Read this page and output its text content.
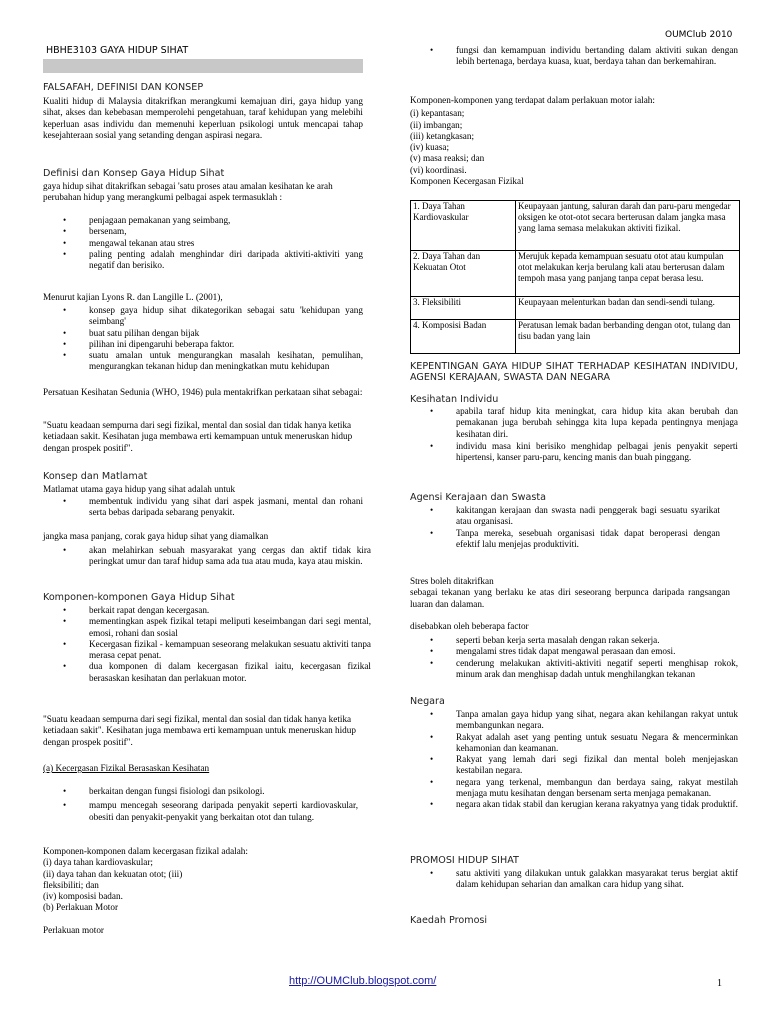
OUMClub 2010
HBHE3103 GAYA HIDUP SIHAT
FALSAFAH, DEFINISI DAN KONSEP

Kualiti hidup di Malaysia ditakrifkan merangkumi kemajuan diri, gaya hidup yang sihat, akses dan kebebasan memperolehi pengetahuan, taraf kehidupan yang melebihi keperluan asas individu dan memenuhi keperluan psikologi untuk mencapai tahap kesejahteraan sosial yang setanding dengan aspirasi negara.

Definisi dan Konsep Gaya Hidup Sihat

gaya hidup sihat ditakrifkan sebagai 'satu proses atau amalan kesihatan ke arah perubahan hidup yang merangkumi pelbagai aspek termasuklah :

• penjagaan pemakanan yang seimbang,
• bersenam,
• mengawal tekanan atau stres
• paling penting adalah menghindar diri daripada aktiviti-aktiviti yang negatif dan berisiko.

Menurut kajian Lyons R. dan Langille L. (2001),

• konsep gaya hidup sihat dikategorikan sebagai satu 'kehidupan yang seimbang'
• buat satu pilihan dengan bijak
• pilihan ini dipengaruhi beberapa faktor.
• suatu amalan untuk mengurangkan masalah kesihatan, pemulihan, mengurangkan tekanan hidup dan meningkatkan mutu kehidupan

Persatuan Kesihatan Sedunia (WHO, 1946) pula mentakrifkan perkataan sihat sebagai:

"Suatu keadaan sempurna dari segi fizikal, mental dan sosial dan tidak hanya ketika ketiadaan sakit. Kesihatan juga membawa erti kemampuan untuk meneruskan hidup dengan prospek positif".

Konsep dan Matlamat

Matlamat utama gaya hidup yang sihat adalah untuk

• membentuk individu yang sihat dari aspek jasmani, mental dan rohani serta bebas daripada sebarang penyakit.

jangka masa panjang, corak gaya hidup sihat yang diamalkan

• akan melahirkan sebuah masyarakat yang cergas dan aktif tidak kira peringkat umur dan taraf hidup sama ada tua atau muda, kaya atau miskin.
Komponen-komponen Gaya Hidup Sihat
• berkait rapat dengan kecergasan.
• mementingkan aspek fizikal tetapi meliputi keseimbangan dari segi mental, emosi, rohani dan sosial
• Kecergasan fizikal - kemampuan seseorang melakukan sesuatu aktiviti tanpa merasa cepat penat.
• dua komponen di dalam kecergasan fizikal iaitu, kecergasan fizikal berasaskan kesihatan dan perlakuan motor.

"Suatu keadaan sempurna dari segi fizikal, mental dan sosial dan tidak hanya ketika ketiadaan sakit". Kesihatan juga membawa erti kemampuan untuk meneruskan hidup dengan prospek positif".

(a) Kecergasan Fizikal Berasaskan Kesihatan

• berkaitan dengan fungsi fisiologi dan psikologi.
• mampu mencegah seseorang daripada penyakit seperti kardiovaskular, obesiti dan penyakit-penyakit yang berkaitan otot dan tulang.

Komponen-komponen dalam kecergasan fizikal adalah:

(i) daya tahan kardiovaskular;

(ii) daya tahan dan kekuatan otot; (iii)

fleksibiliti; dan

(iv) komposisi badan.

(b) Perlakuan Motor

Perlakuan motor

• fungsi dan kemampuan individu bertanding dalam aktiviti sukan dengan lebih bertenaga, berdaya kuasa, kuat, berdaya tahan dan berkemahiran.

Komponen-komponen yang terdapat dalam perlakuan motor ialah:

(i) kepantasan;

(ii) imbangan;

(iii) ketangkasan;

(iv) kuasa;

(v) masa reaksi; dan

(vi) koordinasi.

Komponen Kecergasan Fizikal

1. Daya Tahan Kardiovaskular	Keupayaan jantung, saluran darah dan paru-paru mengedar oksigen ke otot-otot secara berterusan dalam jangka masa yang lama semasa melakukan aktiviti fizikal.
2. Daya Tahan dan Kekuatan Otot	Merujuk kepada kemampuan sesuatu otot atau kumpulan otot melakukan kerja berulang kali atau berterusan dalam tempoh masa yang panjang tanpa cepat berasa lesu.
3. Fleksibiliti	Keupayaan melenturkan badan dan sendi-sendi tulang.
4. Komposisi Badan	Peratusan lemak badan berbanding dengan otot, tulang dan tisu badan yang lain

KEPENTINGAN GAYA HIDUP SIHAT TERHADAP KESIHATAN INDIVIDU, AGENSI KERAJAAN, SWASTA DAN NEGARA

Kesihatan Individu
• apabila taraf hidup kita meningkat, cara hidup kita akan berubah dan pemakanan juga berubah sehingga kita lupa kepada pentingnya menjaga kesihatan diri.
• individu masa kini berisiko menghidap pelbagai jenis penyakit seperti hipertensi, kanser paru-paru, kencing manis dan buah pinggang.
Agensi Kerajaan dan Swasta
• kakitangan kerajaan dan swasta nadi penggerak bagi sesuatu syarikat atau organisasi.
• Tanpa mereka, sesebuah organisasi tidak dapat beroperasi dengan efektif lalu menjejas produktiviti.

Stres boleh ditakrifkan

sebagai tekanan yang berlaku ke atas diri seseorang berpunca daripada rangsangan luaran dan dalaman.

disebabkan oleh beberapa factor

• seperti beban kerja serta masalah dengan rakan sekerja.
• mengalami stres tidak dapat mengawal perasaan dan emosi.
• cenderung melakukan aktiviti-aktiviti negatif seperti menghisap rokok, minum arak dan menghisap dadah untuk menghilangkan tekanan
Negara
• Tanpa amalan gaya hidup yang sihat, negara akan kehilangan rakyat untuk membangunkan negara.
• Rakyat adalah aset yang penting untuk sesuatu Negara & mencerminkan kehamonian dan keamanan.
• Rakyat yang lemah dari segi fizikal dan mental boleh menjejaskan kestabilan negara.
• negara yang terkenal, membangun dan berdaya saing, rakyat mestilah menjaga mutu kesihatan dengan bersenam serta menjaga pemakanan.
• negara akan tidak stabil dan kerugian kerana rakyatnya yang tidak produktif.
PROMOSI HIDUP SIHAT
• satu aktiviti yang dilakukan untuk galakkan masyarakat terus bergiat aktif dalam kehidupan seharian dan amalkan cara hidup yang sihat.
Kaedah Promosi
http://OUMClub.blogspot.com/	1
